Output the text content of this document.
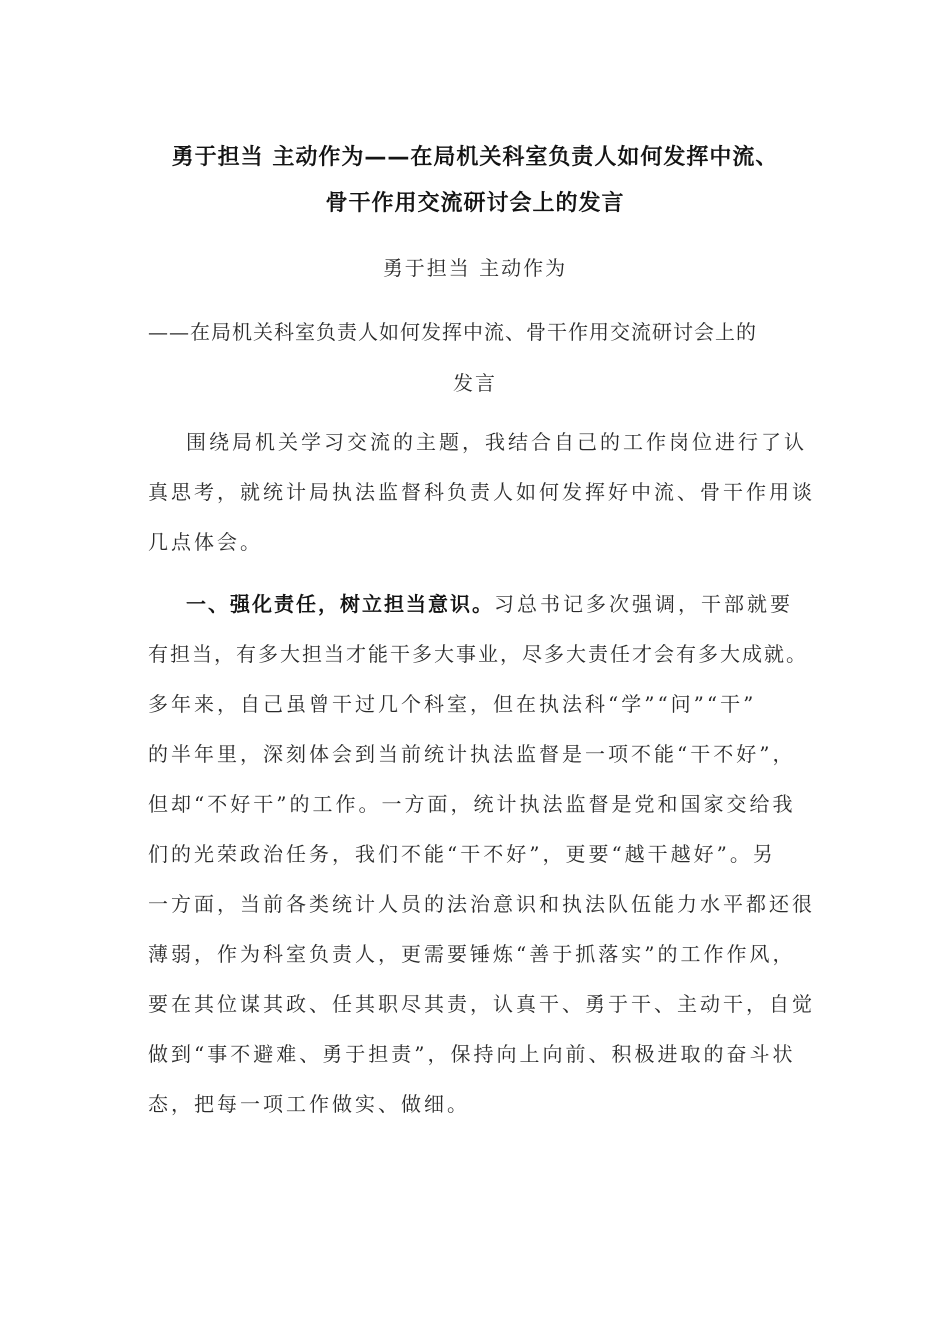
勇于担当 主动作为——在局机关科室负责人如何发挥中流、
骨干作用交流研讨会上的发言
勇于担当 主动作为
——在局机关科室负责人如何发挥中流、骨干作用交流研讨会上的
发言
围绕局机关学习交流的主题，我结合自己的工作岗位进行了认
真思考，就统计局执法监督科负责人如何发挥好中流、骨干作用谈
几点体会。
一、强化责任，树立担当意识。习总书记多次强调，干部就要
有担当，有多大担当才能干多大事业，尽多大责任才会有多大成就。
多年来，自己虽曾干过几个科室，但在执法科“学”“问”“干”
的半年里，深刻体会到当前统计执法监督是一项不能“干不好”，
但却“不好干”的工作。一方面，统计执法监督是党和国家交给我
们的光荣政治任务，我们不能“干不好”，更要“越干越好”。另
一方面，当前各类统计人员的法治意识和执法队伍能力水平都还很
薄弱，作为科室负责人，更需要锤炼“善于抓落实”的工作作风，
要在其位谋其政、任其职尽其责，认真干、勇于干、主动干，自觉
做到“事不避难、勇于担责”，保持向上向前、积极进取的奋斗状
态，把每一项工作做实、做细。
